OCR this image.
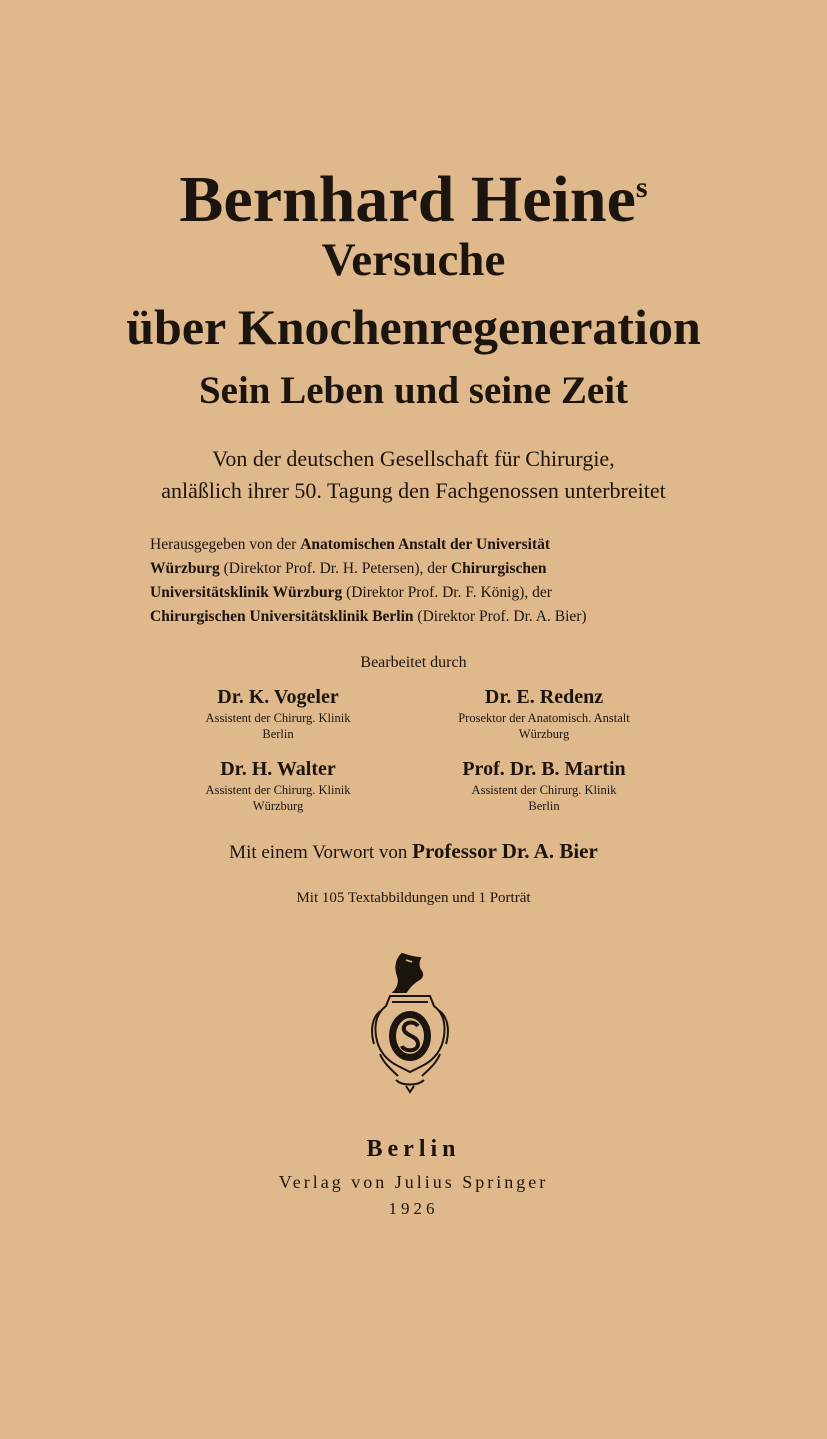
Bernhard Heine$^s$
Versuche
über Knochenregeneration
Sein Leben und seine Zeit
Von der deutschen Gesellschaft für Chirurgie,
anläßlich ihrer 50. Tagung den Fachgenossen unterbreitet
Herausgegeben von der Anatomischen Anstalt der Universität
Würzburg (Direktor Prof. Dr. H. Petersen), der Chirurgischen
Universitätsklinik Würzburg (Direktor Prof. Dr. F. König), der
Chirurgischen Universitätsklinik Berlin (Direktor Prof. Dr. A. Bier)
Bearbeitet durch
Dr. K. Vogeler
Assistent der Chirurg. Klinik
Berlin
Dr. E. Redenz
Prosektor der Anatomisch. Anstalt
Würzburg
Dr. H. Walter
Assistent der Chirurg. Klinik
Würzburg
Prof. Dr. B. Martin
Assistent der Chirurg. Klinik
Berlin
Mit einem Vorwort von Professor Dr. A. Bier
Mit 105 Textabbildungen und 1 Porträt
Berlin
Verlag von Julius Springer
1926
